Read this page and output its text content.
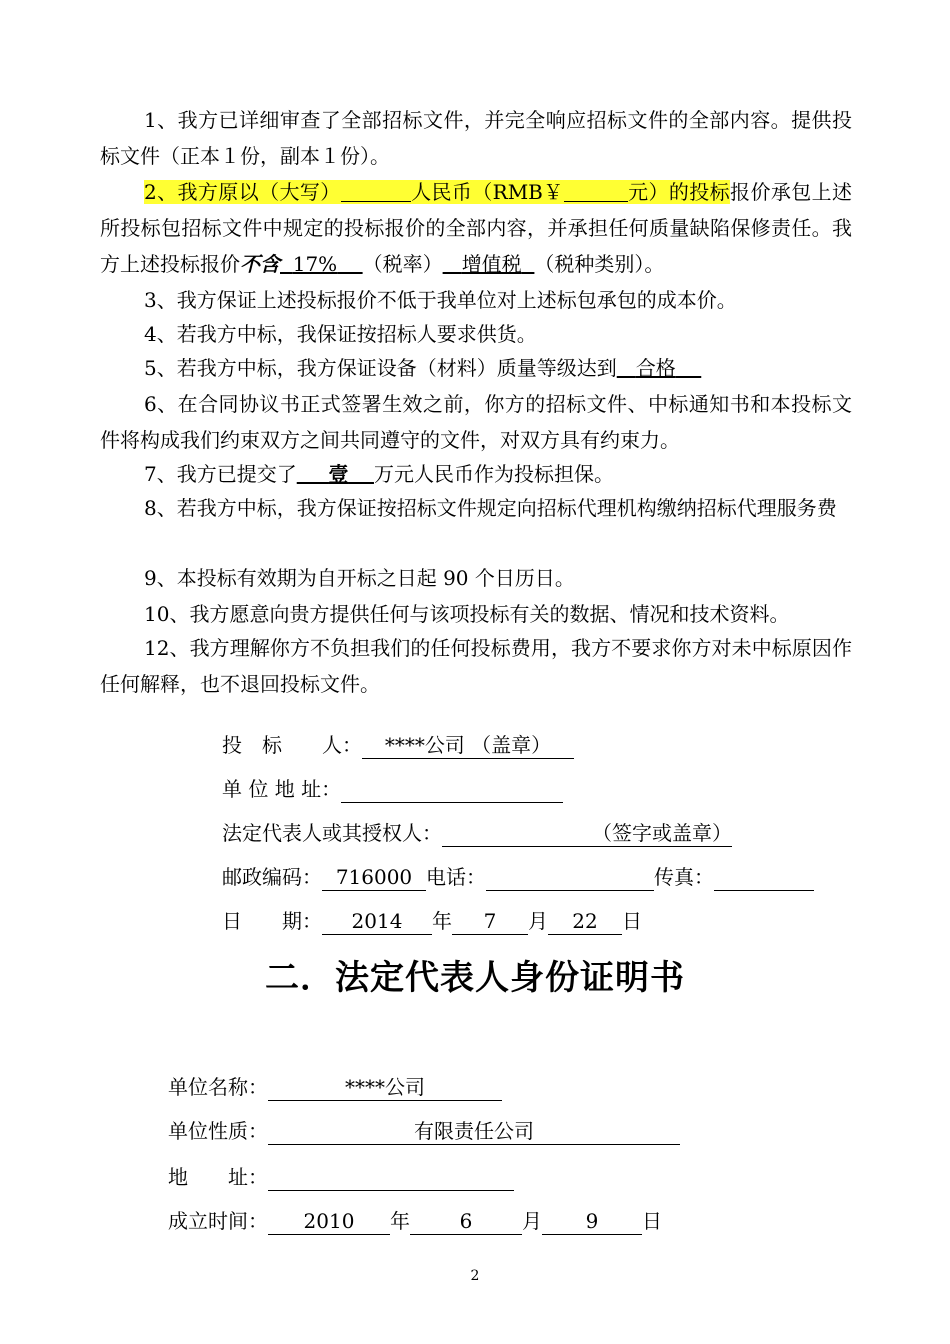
1、我方已详细审查了全部招标文件，并完全响应招标文件的全部内容。提供投标文件（正本１份，副本１份）。

2、我方原以（大写）	人民币（RMB￥	元）的投标报价承包上述所投标包招标文件中规定的投标报价的全部内容，并承担任何质量缺陷保修责任。我方上述投标报价不含 17% （税率） 增值税 （税种类别）。

3、我方保证上述投标报价不低于我单位对上述标包承包的成本价。

4、若我方中标，我保证按招标人要求供货。

5、若我方中标，我方保证设备（材料）质量等级达到 合格

6、在合同协议书正式签署生效之前，你方的招标文件、中标通知书和本投标文件将构成我们约束双方之间共同遵守的文件，对双方具有约束力。

7、我方已提交了 壹 万元人民币作为投标担保。

8、若我方中标，我方保证按招标文件规定向招标代理机构缴纳招标代理服务费

9、本投标有效期为自开标之日起 90 个日历日。

10、我方愿意向贵方提供任何与该项投标有关的数据、情况和技术资料。

12、我方理解你方不负担我们的任何投标费用，我方不要求你方对未中标原因作任何解释，也不退回投标文件。

投　标　　人： ****公司 （盖章）
单 位 地 址：
法定代表人或其授权人：	（签字或盖章）
邮政编码： 716000 电话：	传真：
日　　期： 2014 年 7 月 22 日
二．法定代表人身份证明书
单位名称：	****公司
单位性质：	有限责任公司
地　　址：
成立时间： 2010 年 6 月 9 日
2
